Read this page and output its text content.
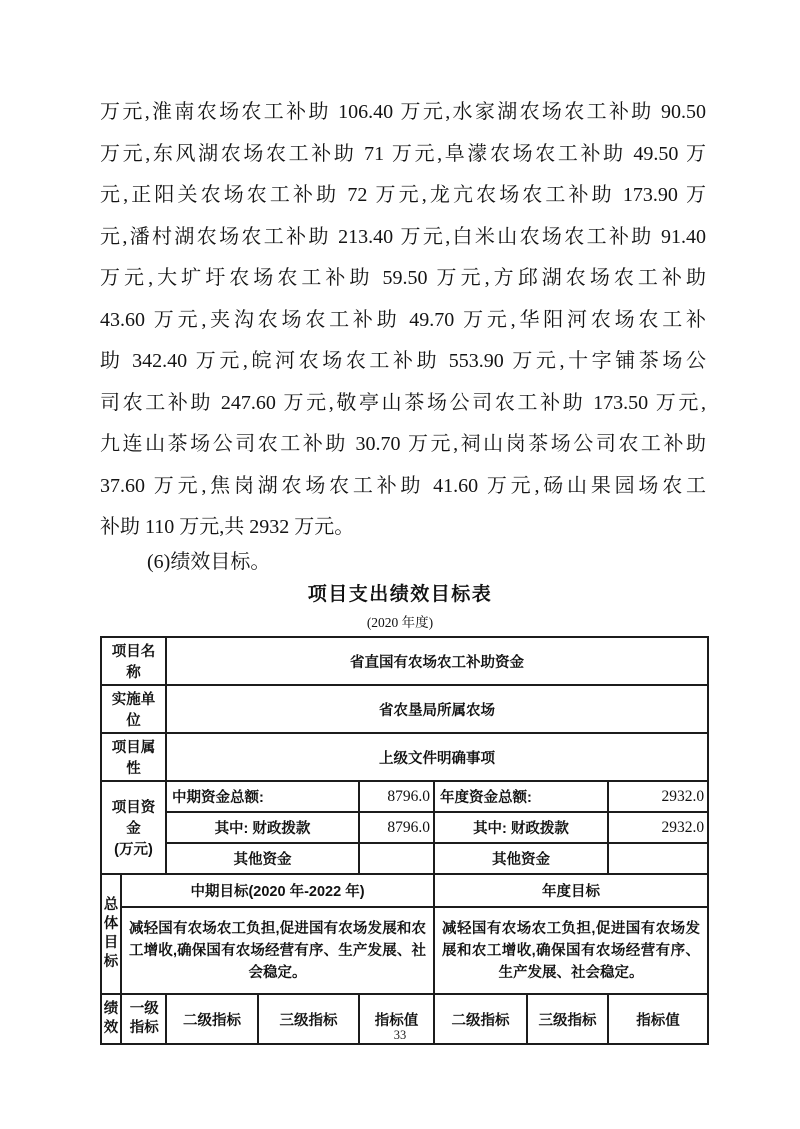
万元,淮南农场农工补助 106.40 万元,水家湖农场农工补助 90.50
万元,东风湖农场农工补助 71 万元,阜濛农场农工补助 49.50 万
元,正阳关农场农工补助 72 万元,龙亢农场农工补助 173.90 万
元,潘村湖农场农工补助 213.40 万元,白米山农场农工补助 91.40
万元,大圹圩农场农工补助 59.50 万元,方邱湖农场农工补助
43.60 万元,夹沟农场农工补助 49.70 万元,华阳河农场农工补
助 342.40 万元,皖河农场农工补助 553.90 万元,十字铺茶场公
司农工补助 247.60 万元,敬亭山茶场公司农工补助 173.50 万元,
九连山茶场公司农工补助 30.70 万元,祠山岗茶场公司农工补助
37.60 万元,焦岗湖农场农工补助 41.60 万元,砀山果园场农工
补助 110 万元,共 2932 万元。
(6)绩效目标。
项目支出绩效目标表
(2020 年度)
项目名称		省直国有农场农工补助资金					
实施单位		省农垦局所属农场					
项目属性		上级文件明确事项					

项目资金
(万元)		中期资金总额:		8796.0	年度资金总额:		2932.0
		其中: 财政拨款		8796.0	其中: 财政拨款		2932.0
		其他资金			其他资金		
总体目标	中期目标(2020 年-2022 年)				年度目标		
	减轻国有农场农工负担,促进国有农场发展和农工增收,确保国有农场经营有序、生产发展、社会稳定。				减轻国有农场农工负担,促进国有农场发展和农工增收,确保国有农场经营有序、生产发展、社会稳定。		
绩效	一级指标	二级指标	三级指标	指标值	二级指标	三级指标	指标值
33
